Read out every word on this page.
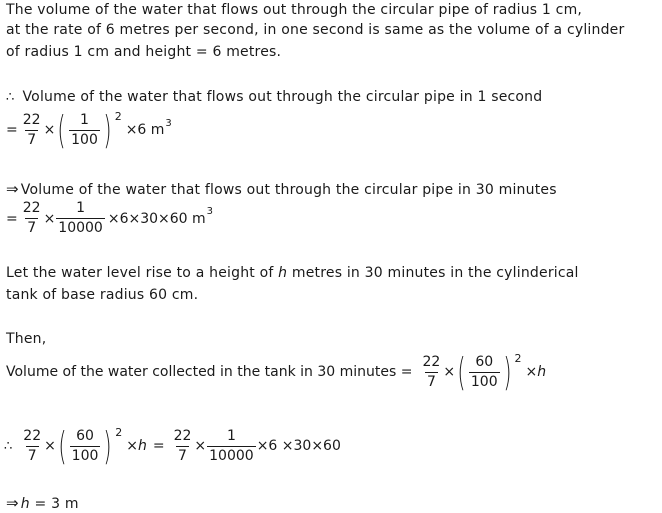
The volume of the water that flows out through the circular pipe of radius 1 cm,
at the rate of 6 metres per second, in one second is same as the volume of a cylinder
of radius 1 cm and height = 6 metres.
∴ Volume of the water that flows out through the circular pipe in 1 second
= $\frac{22}{7}$ × ( $\frac{1}{100}$ ) 2
×6 m 3
⇒ Volume of the water that flows out through the circular pipe in 30 minutes
= $\frac{22}{7} \times \frac{1}{10000} \times 6\times 30\times 60$ m 3
Let the water level rise to a height of h metres in 30 minutes in the cylinderical
tank of base radius 60 cm.
Then,
Volume of the water collected in the tank in 30 minutes = $\frac{22}{7}$ × ( $\frac{60}{100}$ ) 2
× h
∴ $\frac{22}{7}$ × ( $\frac{60}{100}$ ) 2
× $h = \frac{22}{7} \times \frac{1}{10000} \times 6 \times 30\times 60$
⇒ h = 3 m
